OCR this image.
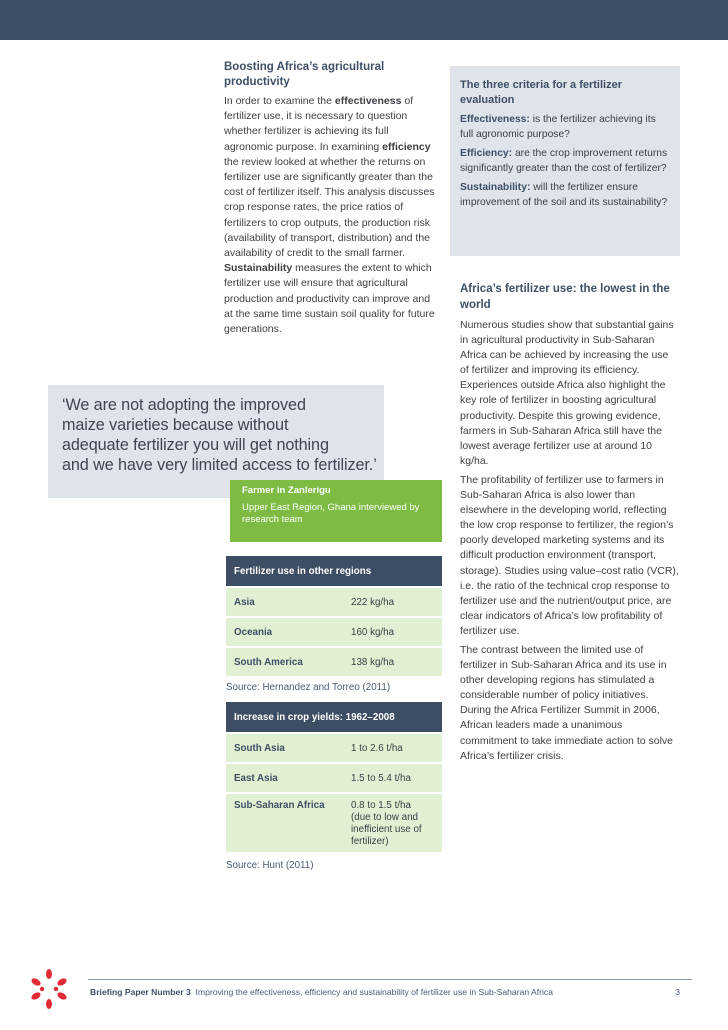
Boosting Africa’s agricultural productivity
In order to examine the effectiveness of fertilizer use, it is necessary to question whether fertilizer is achieving its full agronomic purpose. In examining efficiency the review looked at whether the returns on fertilizer use are significantly greater than the cost of fertilizer itself. This analysis discusses crop response rates, the price ratios of fertilizers to crop outputs, the production risk (availability of transport, distribution) and the availability of credit to the small farmer. Sustainability measures the extent to which fertilizer use will ensure that agricultural production and productivity can improve and at the same time sustain soil quality for future generations.
The three criteria for a fertilizer evaluation

Effectiveness: is the fertilizer achieving its full agronomic purpose?

Efficiency: are the crop improvement returns significantly greater than the cost of fertilizer?

Sustainability: will the fertilizer ensure improvement of the soil and its sustainability?

Africa’s fertilizer use: the lowest in the world

Numerous studies show that substantial gains in agricultural productivity in Sub-Saharan Africa can be achieved by increasing the use of fertilizer and improving its efficiency. Experiences outside Africa also highlight the key role of fertilizer in boosting agricultural productivity. Despite this growing evidence, farmers in Sub-Saharan Africa still have the lowest average fertilizer use at around 10 kg/ha.

The profitability of fertilizer use to farmers in Sub-Saharan Africa is also lower than elsewhere in the developing world, reflecting the low crop response to fertilizer, the region’s poorly developed marketing systems and its difficult production environment (transport, storage). Studies using value–cost ratio (VCR), i.e. the ratio of the technical crop response to fertilizer use and the nutrient/output price, are clear indicators of Africa’s low profitability of fertilizer use.

The contrast between the limited use of fertilizer in Sub-Saharan Africa and its use in other developing regions has stimulated a considerable number of policy initiatives. During the Africa Fertilizer Summit in 2006, African leaders made a unanimous commitment to take immediate action to solve Africa’s fertilizer crisis.

‘We are not adopting the improved
maize varieties because without
adequate fertilizer you will get nothing
and we have very limited access to fertilizer.’
Farmer in Zanlerigu
Upper East Region, Ghana interviewed by research team
Fertilizer use in other regions
Asia	222 kg/ha
Oceania	160 kg/ha
South America	138 kg/ha
Source: Hernandez and Torreo (2011)
Increase in crop yields: 1962–2008
South Asia	1 to 2.6 t/ha
East Asia	1.5 to 5.4 t/ha
Sub-Saharan Africa	0.8 to 1.5 t/ha (due to low and inefficient use of fertilizer)
Source: Hunt (2011)
Briefing Paper Number 3 Improving the effectiveness, efficiency and sustainability of fertilizer use in Sub-Saharan Africa	3
